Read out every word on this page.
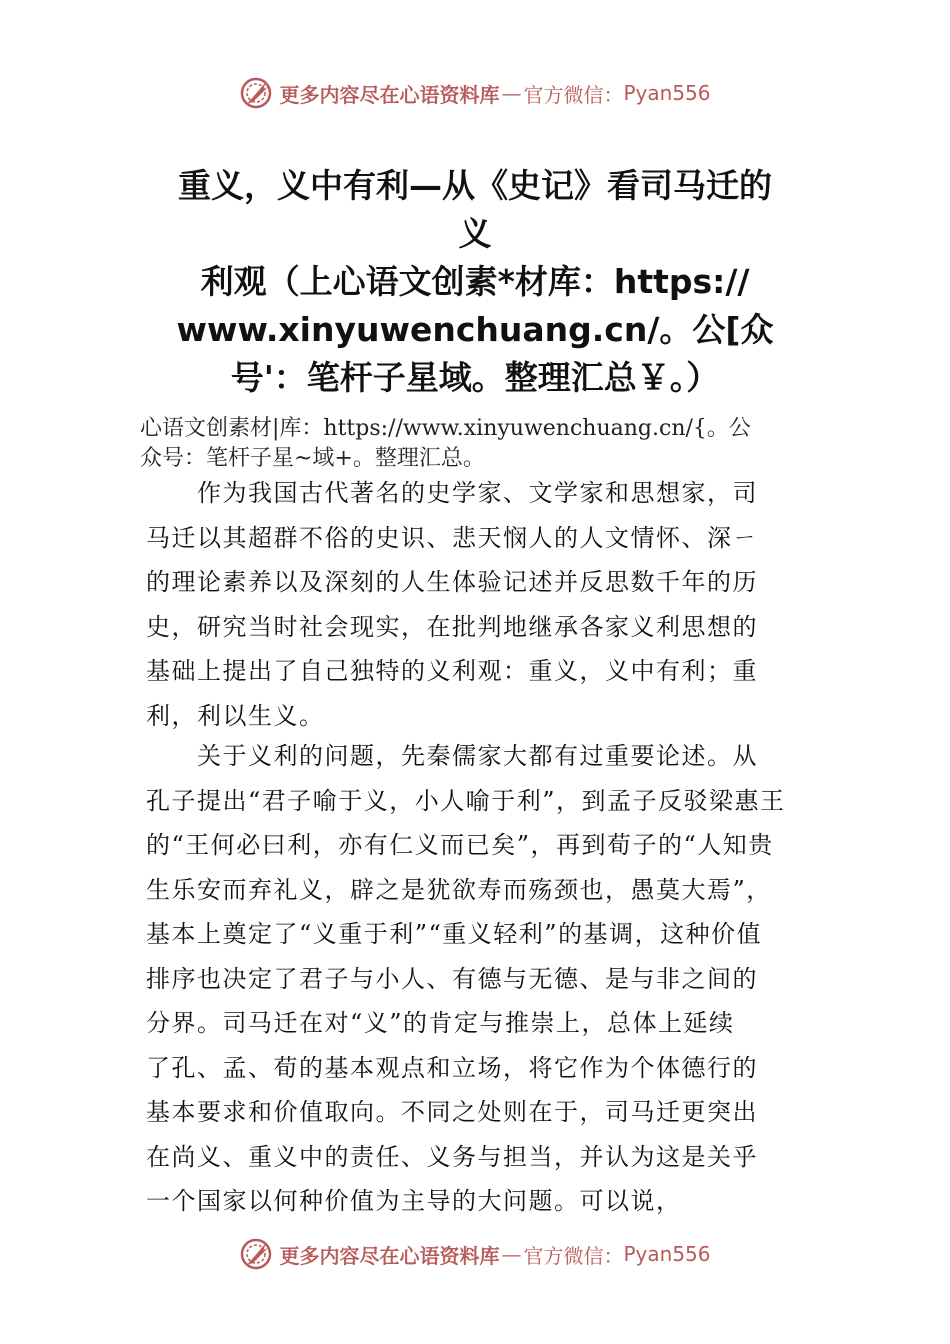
更多内容尽在心语资料库 — 官方微信： Pyan556
重义，义中有利—从《史记》看司马迁的
义
利观（上心语文创素*材库：https://
www.xinyuwenchuang.cn/。公[众
号'：笔杆子星域。整理汇总￥。）
心语文创素材|库：https://www.xinyuwenchuang.cn/{。公
众号：笔杆子星~域+。整理汇总。
　　作为我国古代著名的史学家、文学家和思想家，司
马迁以其超群不俗的史识、悲天悯人的人文情怀、深ㄧ
的理论素养以及深刻的人生体验记述并反思数千年的历
史，研究当时社会现实，在批判地继承各家义利思想的
基础上提出了自己独特的义利观：重义，义中有利；重
利，利以生义。
　　关于义利的问题，先秦儒家大都有过重要论述。从
孔子提出“君子喻于义，小人喻于利”，到孟子反驳梁惠王
的“王何必曰利，亦有仁义而已矣”，再到荀子的“人知贵
生乐安而弃礼义，辟之是犹欲寿而殇颈也，愚莫大焉”，
基本上奠定了“义重于利”“重义轻利”的基调，这种价值
排序也决定了君子与小人、有德与无德、是与非之间的
分界。司马迁在对“义”的肯定与推崇上，总体上延续
了孔、孟、荀的基本观点和立场，将它作为个体德行的
基本要求和价值取向。不同之处则在于，司马迁更突出
在尚义、重义中的责任、义务与担当，并认为这是关乎
一个国家以何种价值为主导的大问题。可以说，
更多内容尽在心语资料库 — 官方微信： Pyan556
